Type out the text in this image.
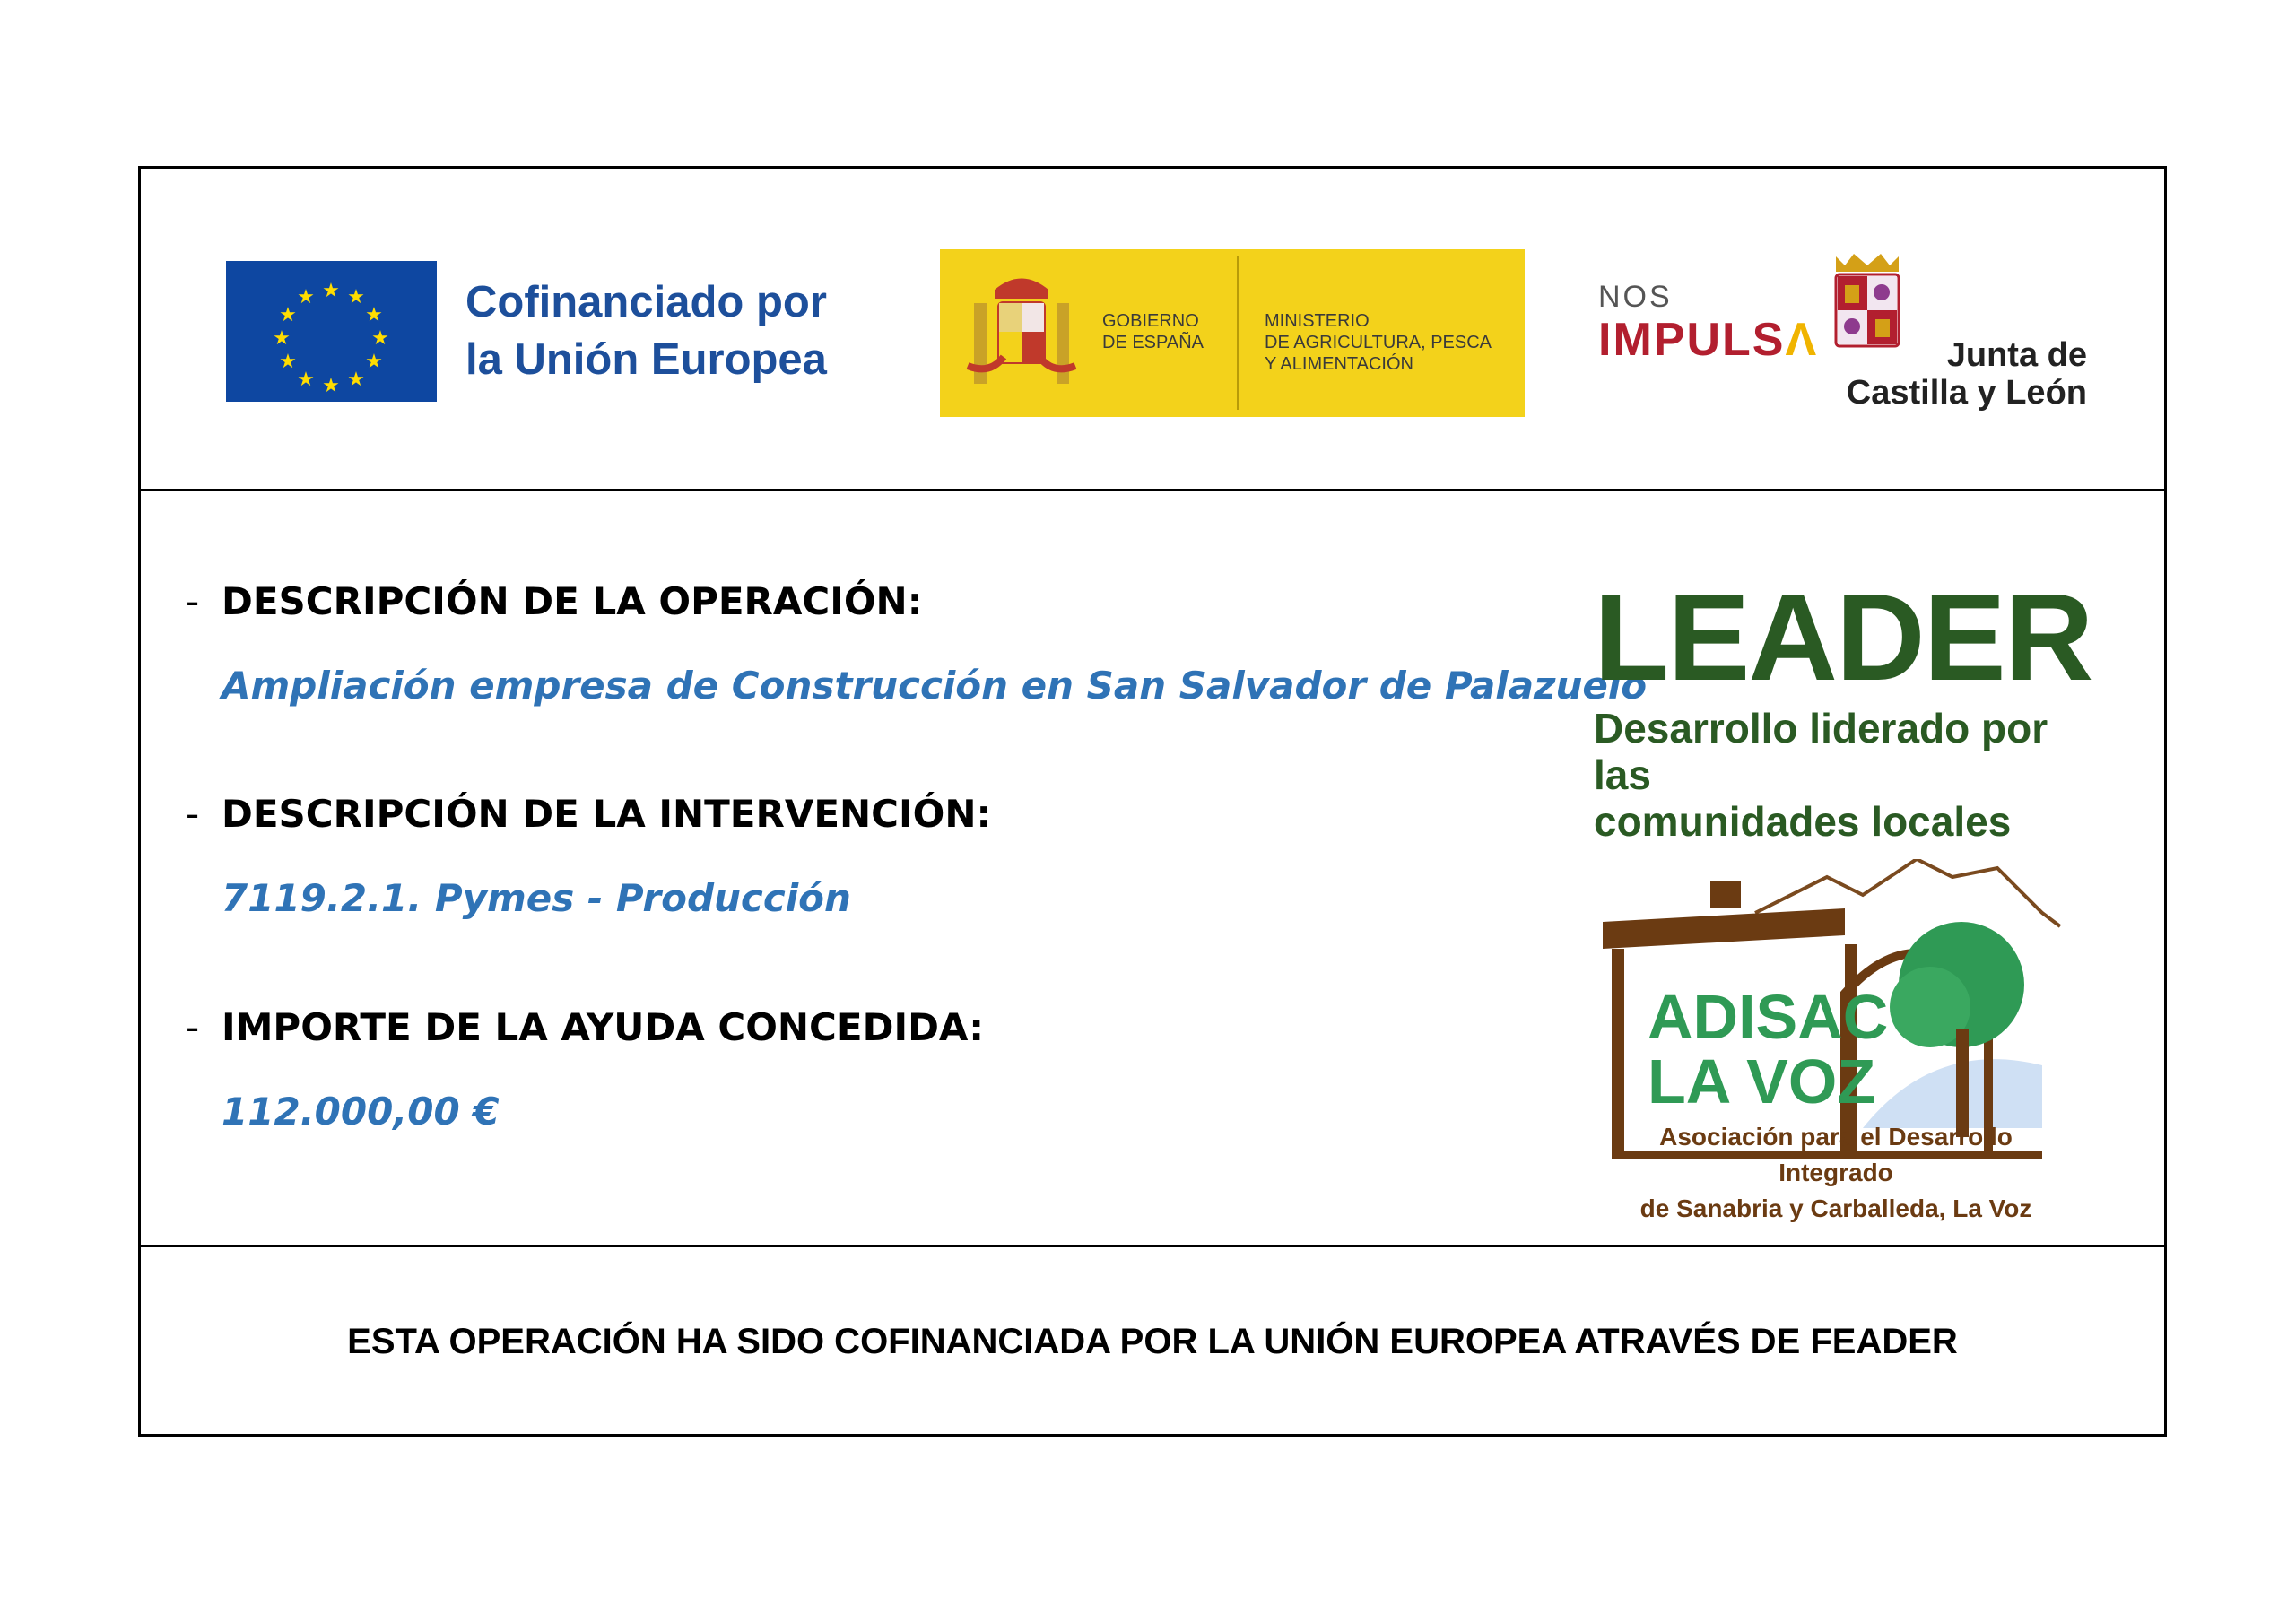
★ ★
★
★
★
★
★
★
★
★
★
★	Cofinanciado por
la Unión Europea
GOBIERNO
DE ESPAÑA
MINISTERIO
DE AGRICULTURA, PESCA
Y ALIMENTACIÓN
NOS
IMPULSΛ	Junta de
Castilla y León
- DESCRIPCIÓN DE LA OPERACIÓN:
Ampliación empresa de Construcción en San Salvador de Palazuelo
- DESCRIPCIÓN DE LA INTERVENCIÓN:
7119.2.1. Pymes - Producción
- IMPORTE DE LA AYUDA CONCEDIDA:
112.000,00 €
LEADER
Desarrollo liderado por las
comunidades locales
ADISAC
LA VOZ
Asociación para el Desarrollo Integrado
de Sanabria y Carballeda, La Voz
ESTA OPERACIÓN HA SIDO COFINANCIADA POR LA UNIÓN EUROPEA ATRAVÉS DE FEADER
